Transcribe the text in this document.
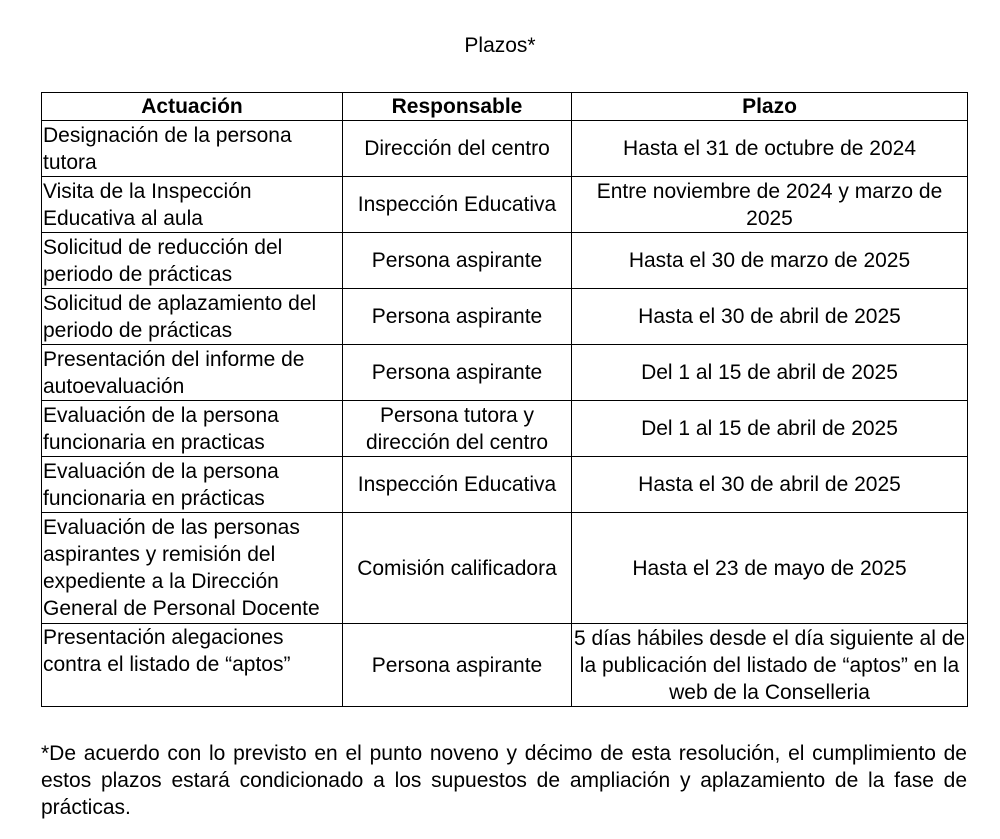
Plazos*
Actuación	Responsable	Plazo
Designación de la persona tutora	Dirección del centro	Hasta el 31 de octubre de 2024
Visita de la Inspección Educativa al aula	Inspección Educativa	Entre noviembre de 2024 y marzo de 2025
Solicitud de reducción del periodo de prácticas	Persona aspirante	Hasta el 30 de marzo de 2025
Solicitud de aplazamiento del periodo de prácticas	Persona aspirante	Hasta el 30 de abril de 2025
Presentación del informe de autoevaluación	Persona aspirante	Del 1 al 15 de abril de 2025
Evaluación de la persona funcionaria en practicas	Persona tutora y dirección del centro	Del 1 al 15 de abril de 2025
Evaluación de la persona funcionaria en prácticas	Inspección Educativa	Hasta el 30 de abril de 2025
Evaluación de las personas aspirantes y remisión del expediente a la Dirección General de Personal Docente	Comisión calificadora	Hasta el 23 de mayo de 2025
Presentación alegaciones contra el listado de “aptos”	Persona aspirante	5 días hábiles desde el día siguiente al de la publicación del listado de “aptos” en la web de la Conselleria

*De acuerdo con lo previsto en el punto noveno y décimo de esta resolución, el cumplimiento de estos plazos estará condicionado a los supuestos de ampliación y aplazamiento de la fase de prácticas.
